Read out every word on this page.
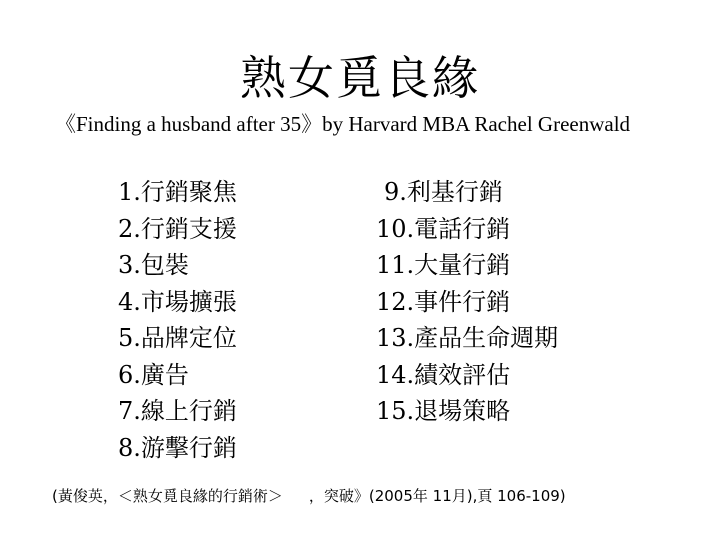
熟女覓良緣
《Finding a husband after 35》by Harvard MBA Rachel Greenwald
1.行銷聚焦
2.行銷支援
3.包裝
4.市場擴張
5.品牌定位
6.廣告
7.線上行銷
8.游擊行銷
9.利基行銷
10.電話行銷
11.大量行銷
12.事件行銷
13.產品生命週期
14.績效評估
15.退場策略
(黃俊英，＜熟女覓良緣的行銷術＞ ，突破》(2005年 11月),頁 106-109)
